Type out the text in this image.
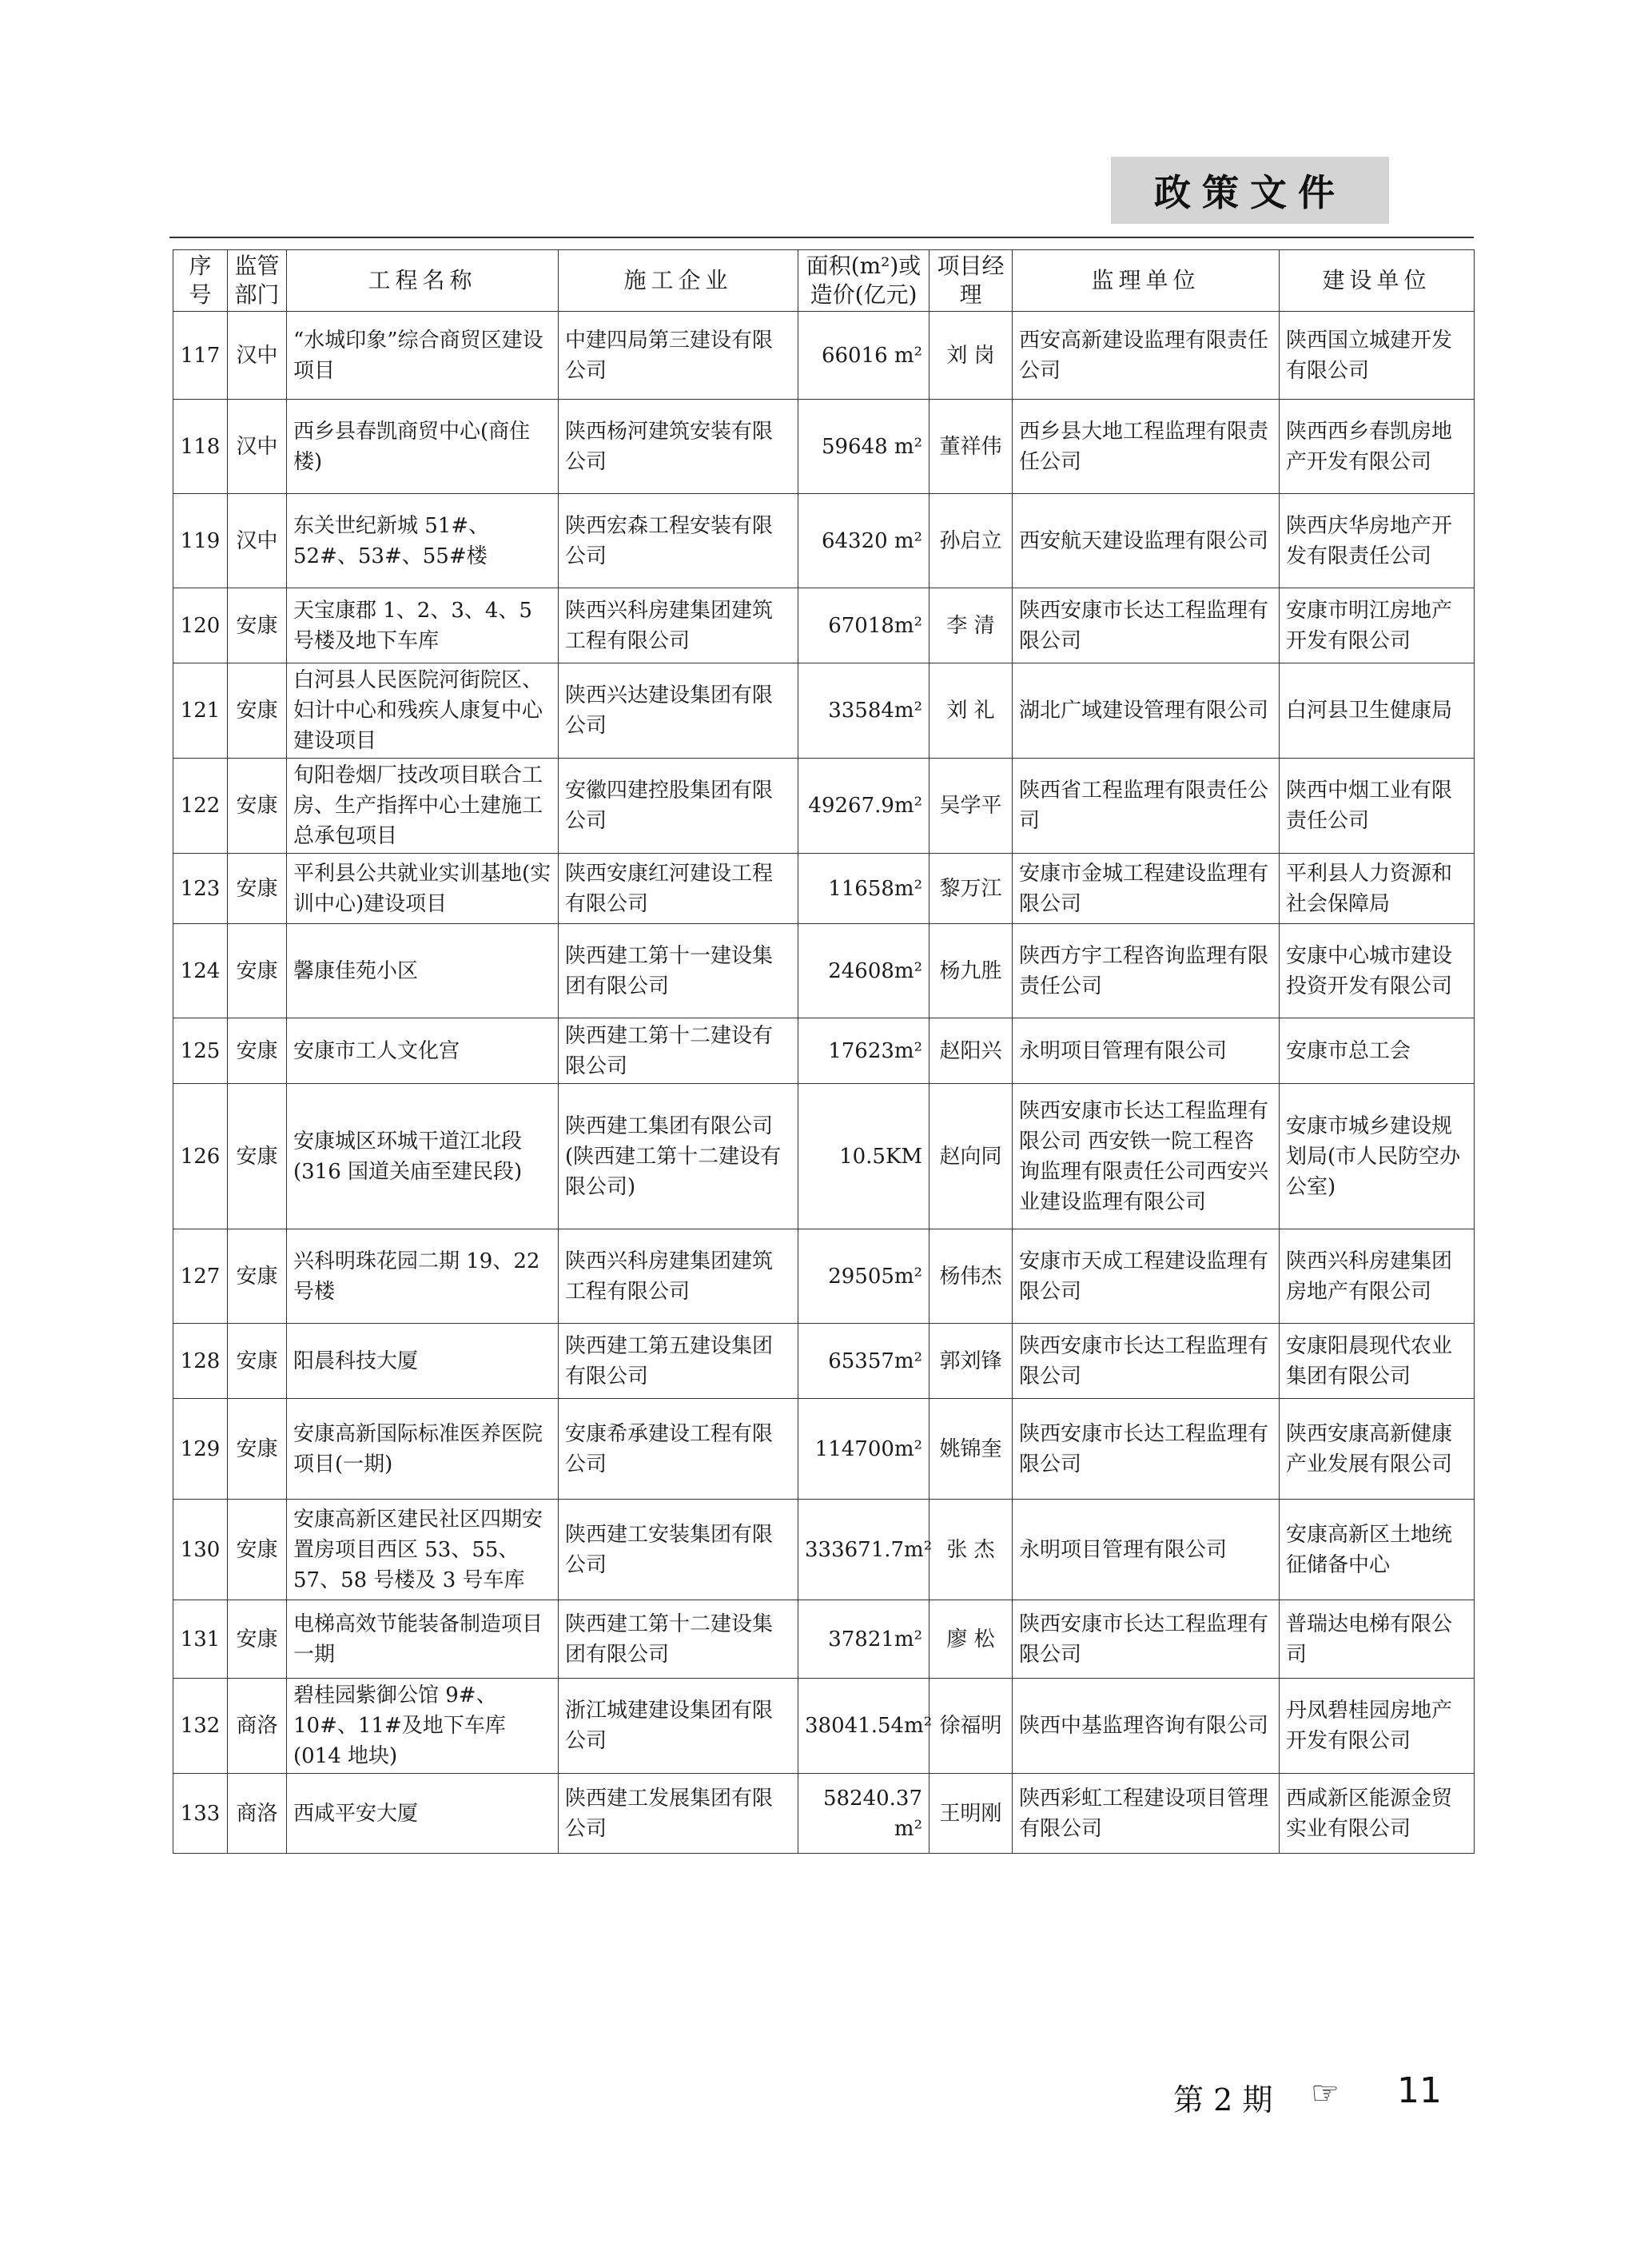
政策文件
序号	监管部门	工程名称	施工企业	面积(m²)或造价(亿元)	项目经理	监理单位	建设单位
117	汉中	“水城印象”综合商贸区建设项目	中建四局第三建设有限公司	66016 m²	刘 岗	西安高新建设监理有限责任公司	陕西国立城建开发有限公司
118	汉中	西乡县春凯商贸中心(商住楼)	陕西杨河建筑安装有限公司	59648 m²	董祥伟	西乡县大地工程监理有限责任公司	陕西西乡春凯房地产开发有限公司
119	汉中	东关世纪新城 51#、52#、53#、55#楼	陕西宏森工程安装有限公司	64320 m²	孙启立	西安航天建设监理有限公司	陕西庆华房地产开发有限责任公司
120	安康	天宝康郡 1、2、3、4、5 号楼及地下车库	陕西兴科房建集团建筑工程有限公司	67018m²	李 清	陕西安康市长达工程监理有限公司	安康市明江房地产开发有限公司
121	安康	白河县人民医院河街院区、妇计中心和残疾人康复中心建设项目	陕西兴达建设集团有限公司	33584m²	刘 礼	湖北广域建设管理有限公司	白河县卫生健康局
122	安康	旬阳卷烟厂技改项目联合工房、生产指挥中心土建施工总承包项目	安徽四建控股集团有限公司	49267.9m²	吴学平	陕西省工程监理有限责任公司	陕西中烟工业有限责任公司
123	安康	平利县公共就业实训基地(实训中心)建设项目	陕西安康红河建设工程有限公司	11658m²	黎万江	安康市金城工程建设监理有限公司	平利县人力资源和社会保障局
124	安康	馨康佳苑小区	陕西建工第十一建设集团有限公司	24608m²	杨九胜	陕西方宇工程咨询监理有限责任公司	安康中心城市建设投资开发有限公司
125	安康	安康市工人文化宫	陕西建工第十二建设有限公司	17623m²	赵阳兴	永明项目管理有限公司	安康市总工会
126	安康	安康城区环城干道江北段(316 国道关庙至建民段)	陕西建工集团有限公司(陕西建工第十二建设有限公司)	10.5KM	赵向同	陕西安康市长达工程监理有限公司 西安铁一院工程咨询监理有限责任公司西安兴业建设监理有限公司	安康市城乡建设规划局(市人民防空办公室)
127	安康	兴科明珠花园二期 19、22号楼	陕西兴科房建集团建筑工程有限公司	29505m²	杨伟杰	安康市天成工程建设监理有限公司	陕西兴科房建集团房地产有限公司
128	安康	阳晨科技大厦	陕西建工第五建设集团有限公司	65357m²	郭刘锋	陕西安康市长达工程监理有限公司	安康阳晨现代农业集团有限公司
129	安康	安康高新国际标准医养医院项目(一期)	安康希承建设工程有限公司	114700m²	姚锦奎	陕西安康市长达工程监理有限公司	陕西安康高新健康产业发展有限公司
130	安康	安康高新区建民社区四期安置房项目西区 53、55、57、58 号楼及 3 号车库	陕西建工安装集团有限公司	333671.7m²	张 杰	永明项目管理有限公司	安康高新区土地统征储备中心
131	安康	电梯高效节能装备制造项目一期	陕西建工第十二建设集团有限公司	37821m²	廖 松	陕西安康市长达工程监理有限公司	普瑞达电梯有限公司
132	商洛	碧桂园紫御公馆 9#、10#、11#及地下车库(014 地块)	浙江城建建设集团有限公司	38041.54m²	徐福明	陕西中基监理咨询有限公司	丹凤碧桂园房地产开发有限公司
133	商洛	西咸平安大厦	陕西建工发展集团有限公司	58240.37 m²	王明刚	陕西彩虹工程建设项目管理有限公司	西咸新区能源金贸实业有限公司
第 2 期 ☞ 11
